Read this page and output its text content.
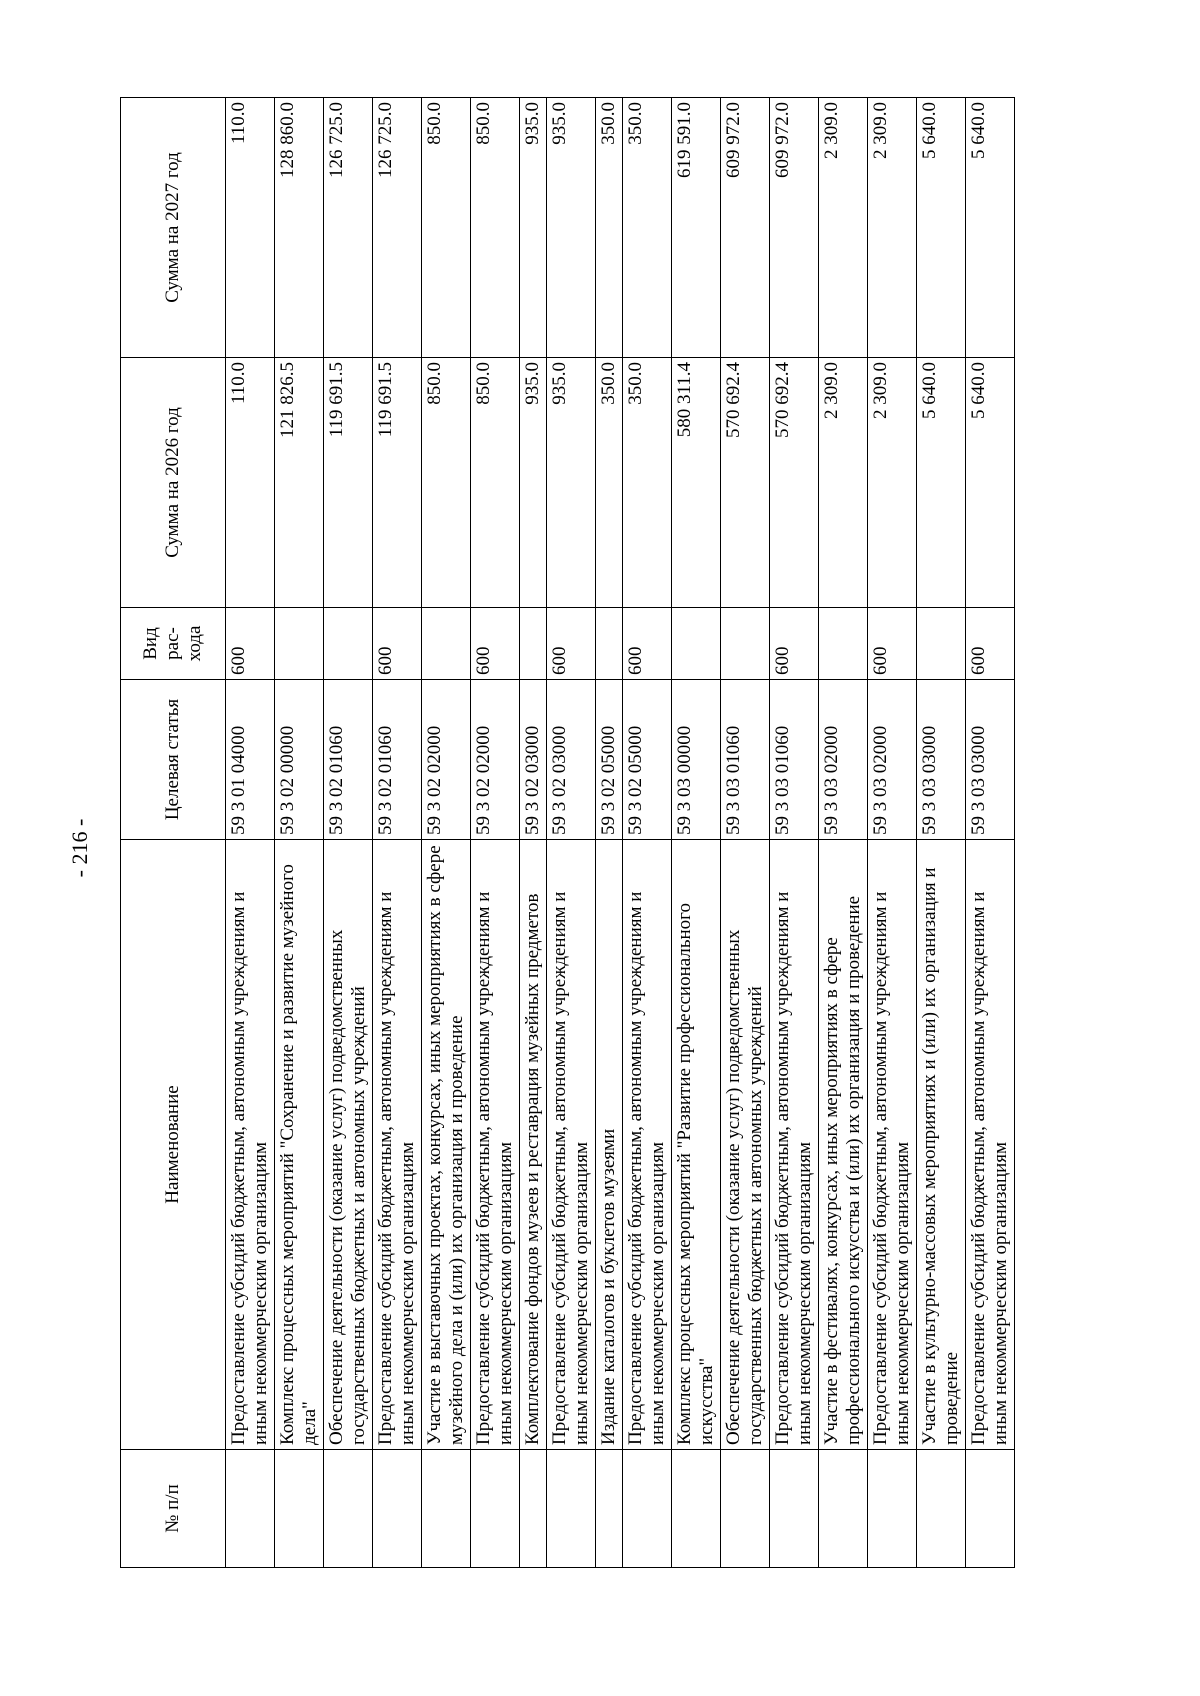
- 216 -
№ п/п	Наименование	Целевая статья	Вид рас- хода	Сумма на 2026 год	Сумма на 2027 год
	Предоставление субсидий бюджетным, автономным учреждениям и иным некоммерческим организациям	59 3 01 04000	600	110.0	110.0
	Комплекс процессных мероприятий "Сохранение и развитие музейного дела"	59 3 02 00000		121 826.5	128 860.0
	Обеспечение деятельности (оказание услуг) подведомственных государственных бюджетных и автономных учреждений	59 3 02 01060		119 691.5	126 725.0
	Предоставление субсидий бюджетным, автономным учреждениям и иным некоммерческим организациям	59 3 02 01060	600	119 691.5	126 725.0
	Участие в выставочных проектах, конкурсах, иных мероприятиях в сфере музейного дела и (или) их организация и проведение	59 3 02 02000		850.0	850.0
	Предоставление субсидий бюджетным, автономным учреждениям и иным некоммерческим организациям	59 3 02 02000	600	850.0	850.0
	Комплектование фондов музеев и реставрация музейных предметов	59 3 02 03000		935.0	935.0
	Предоставление субсидий бюджетным, автономным учреждениям и иным некоммерческим организациям	59 3 02 03000	600	935.0	935.0
	Издание каталогов и буклетов музеями	59 3 02 05000		350.0	350.0
	Предоставление субсидий бюджетным, автономным учреждениям и иным некоммерческим организациям	59 3 02 05000	600	350.0	350.0
	Комплекс процессных мероприятий "Развитие профессионального искусства"	59 3 03 00000		580 311.4	619 591.0
	Обеспечение деятельности (оказание услуг) подведомственных государственных бюджетных и автономных учреждений	59 3 03 01060		570 692.4	609 972.0
	Предоставление субсидий бюджетным, автономным учреждениям и иным некоммерческим организациям	59 3 03 01060	600	570 692.4	609 972.0
	Участие в фестивалях, конкурсах, иных мероприятиях в сфере профессионального искусства и (или) их организация и проведение	59 3 03 02000		2 309.0	2 309.0
	Предоставление субсидий бюджетным, автономным учреждениям и иным некоммерческим организациям	59 3 03 02000	600	2 309.0	2 309.0
	Участие в культурно-массовых мероприятиях и (или) их организация и проведение	59 3 03 03000		5 640.0	5 640.0
	Предоставление субсидий бюджетным, автономным учреждениям и иным некоммерческим организациям	59 3 03 03000	600	5 640.0	5 640.0
